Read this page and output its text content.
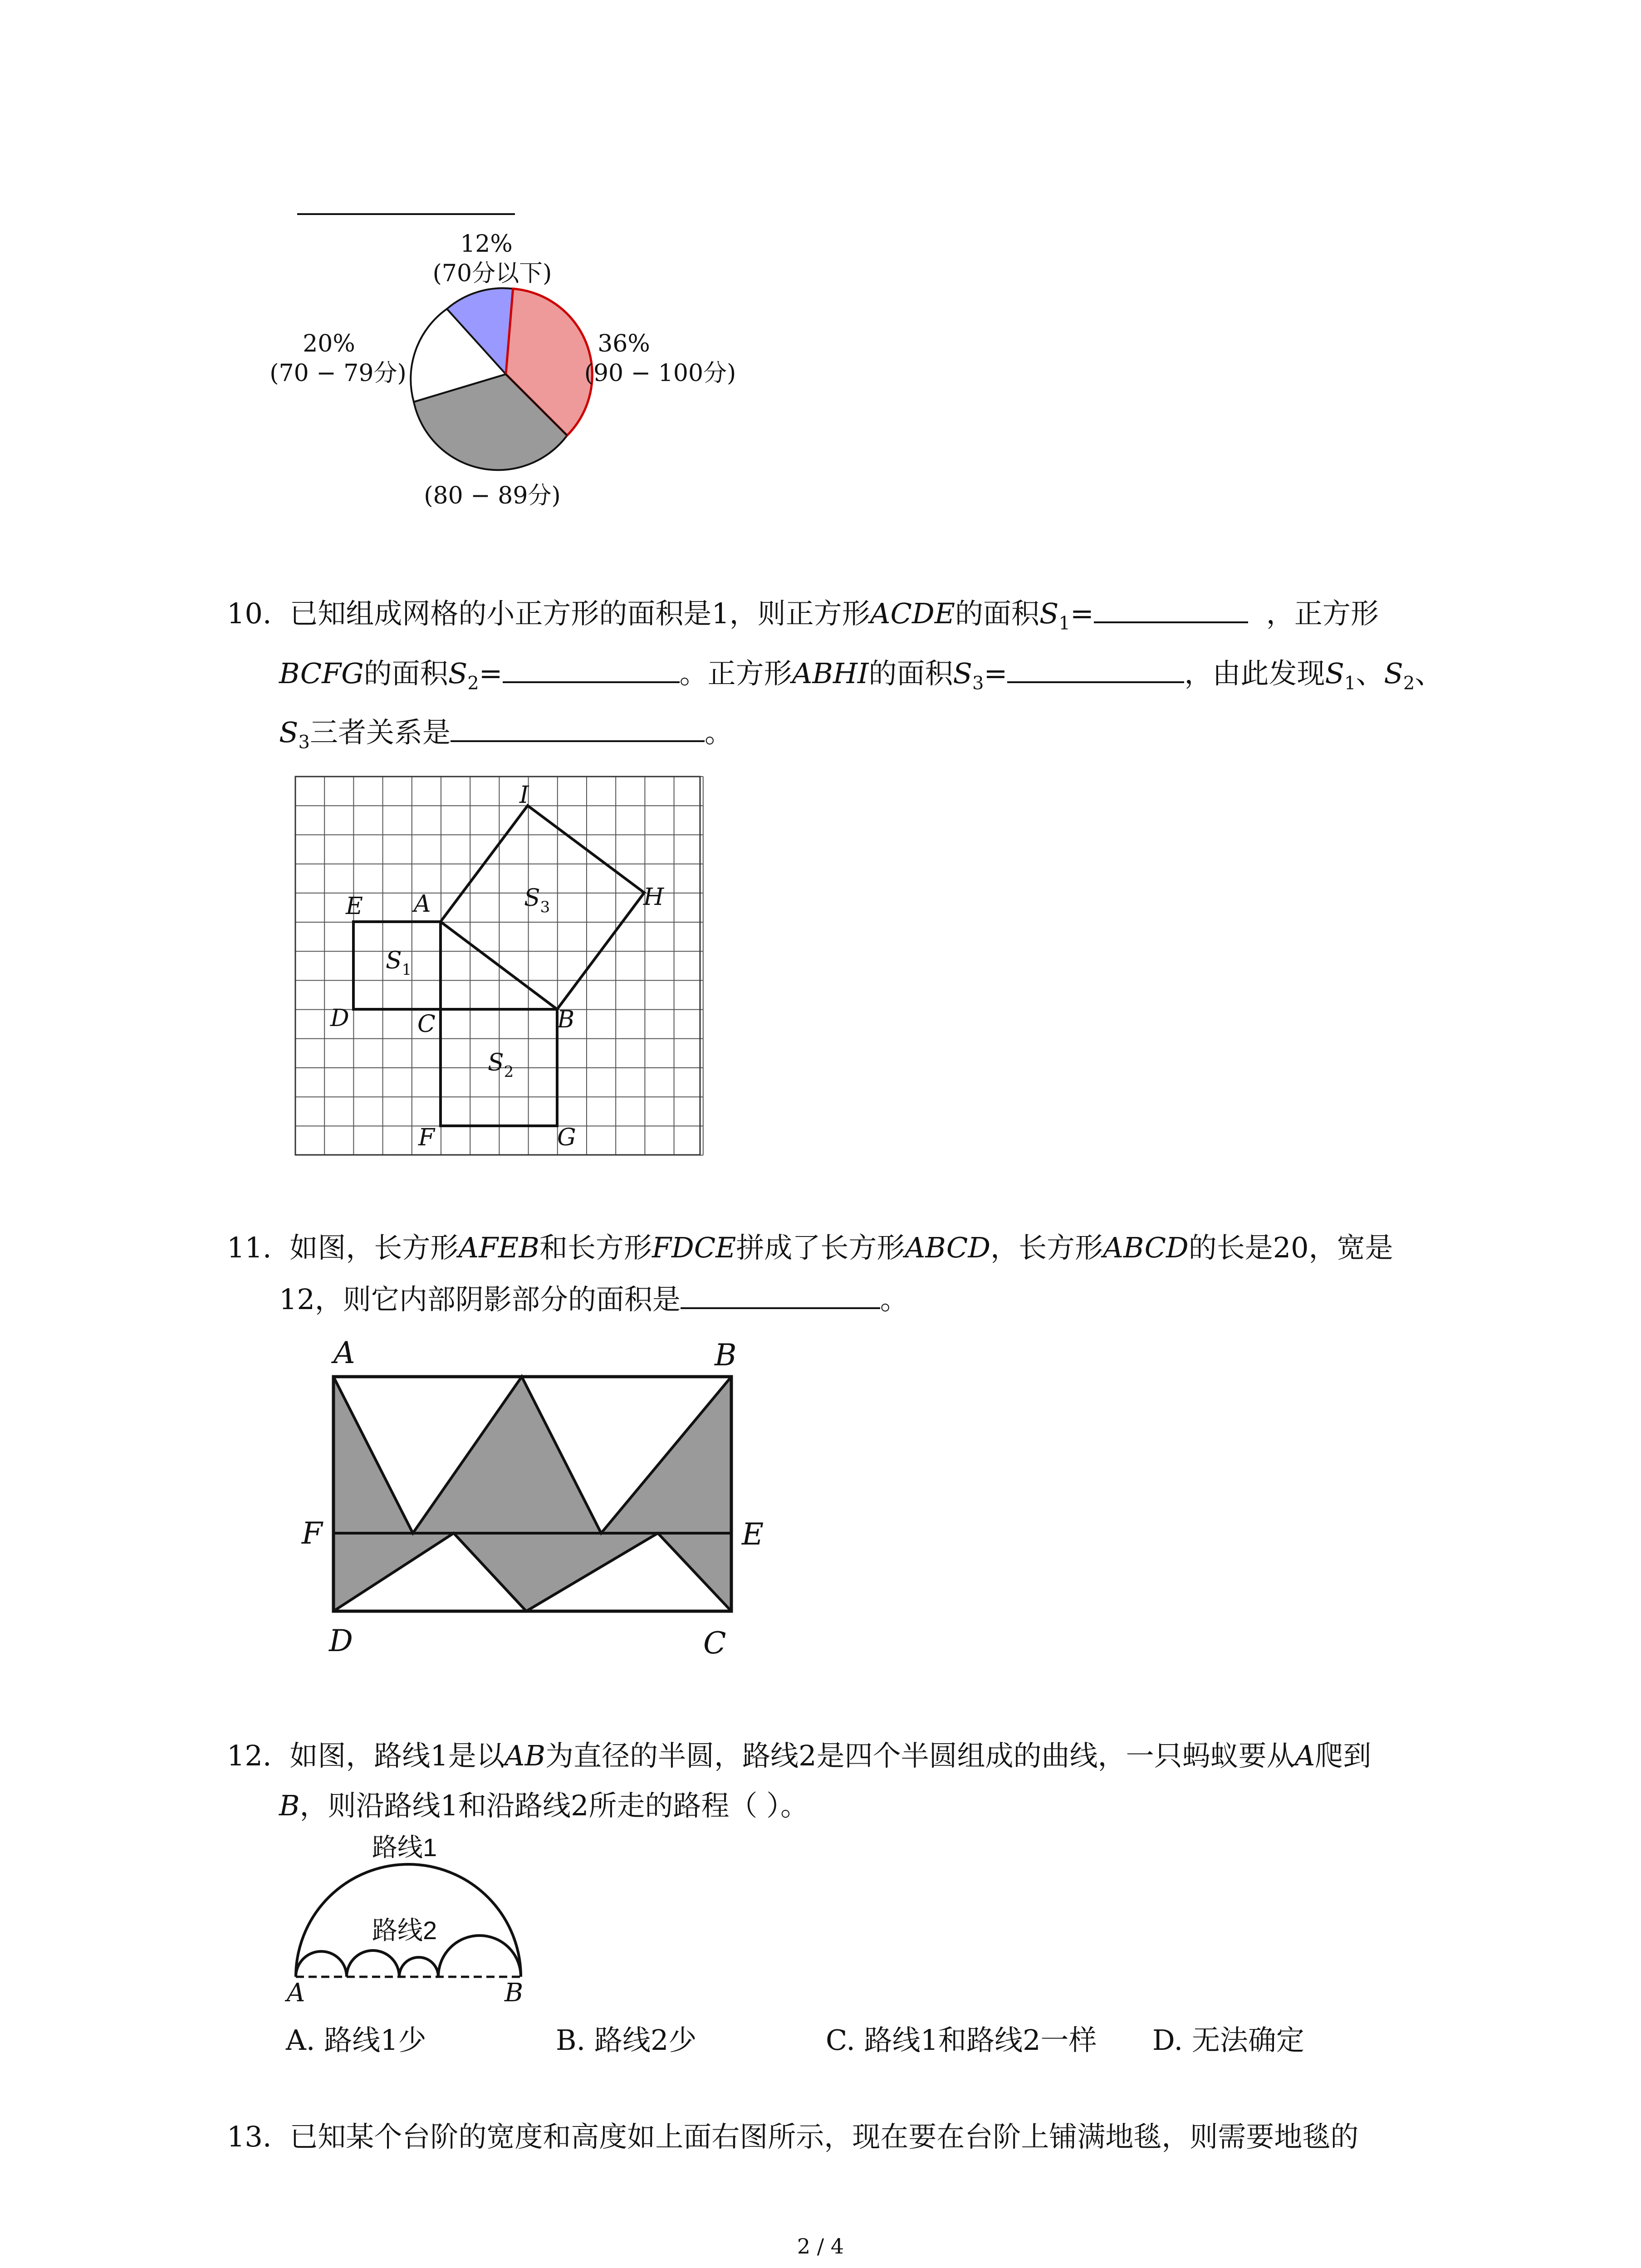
12%
(70分以下)
36%
(90 − 100分)
20%
(70 − 79分)
(80 − 89分)
10. 已知组成网格的小正方形的面积是1，则正方形ACDE的面积$S_1=$	，正方形
BCFG的面积$S_2=$	。正方形ABHI的面积$S_3=$	，由此发现$S_1$、$S_2$、
$S_3$三者关系是	。
I
H
E A
D	C	B
F	G
$S_1$
$S_2$
$S_3$
11. 如图，长方形AFEB和长方形FDCE拼成了长方形ABCD，长方形ABCD的长是20，宽是
12，则它内部阴影部分的面积是	。
A	B
F	E
D	C
12. 如图，路线1是以AB为直径的半圆，路线2是四个半圆组成的曲线，一只蚂蚁要从A爬到
B，则沿路线1和沿路线2所走的路程（ ）。
路线1
路线2
A	B
A. 路线1少	B. 路线2少	C. 路线1和路线2一样 D. 无法确定
13. 已知某个台阶的宽度和高度如上面右图所示，现在要在台阶上铺满地毯，则需要地毯的
2 / 4
